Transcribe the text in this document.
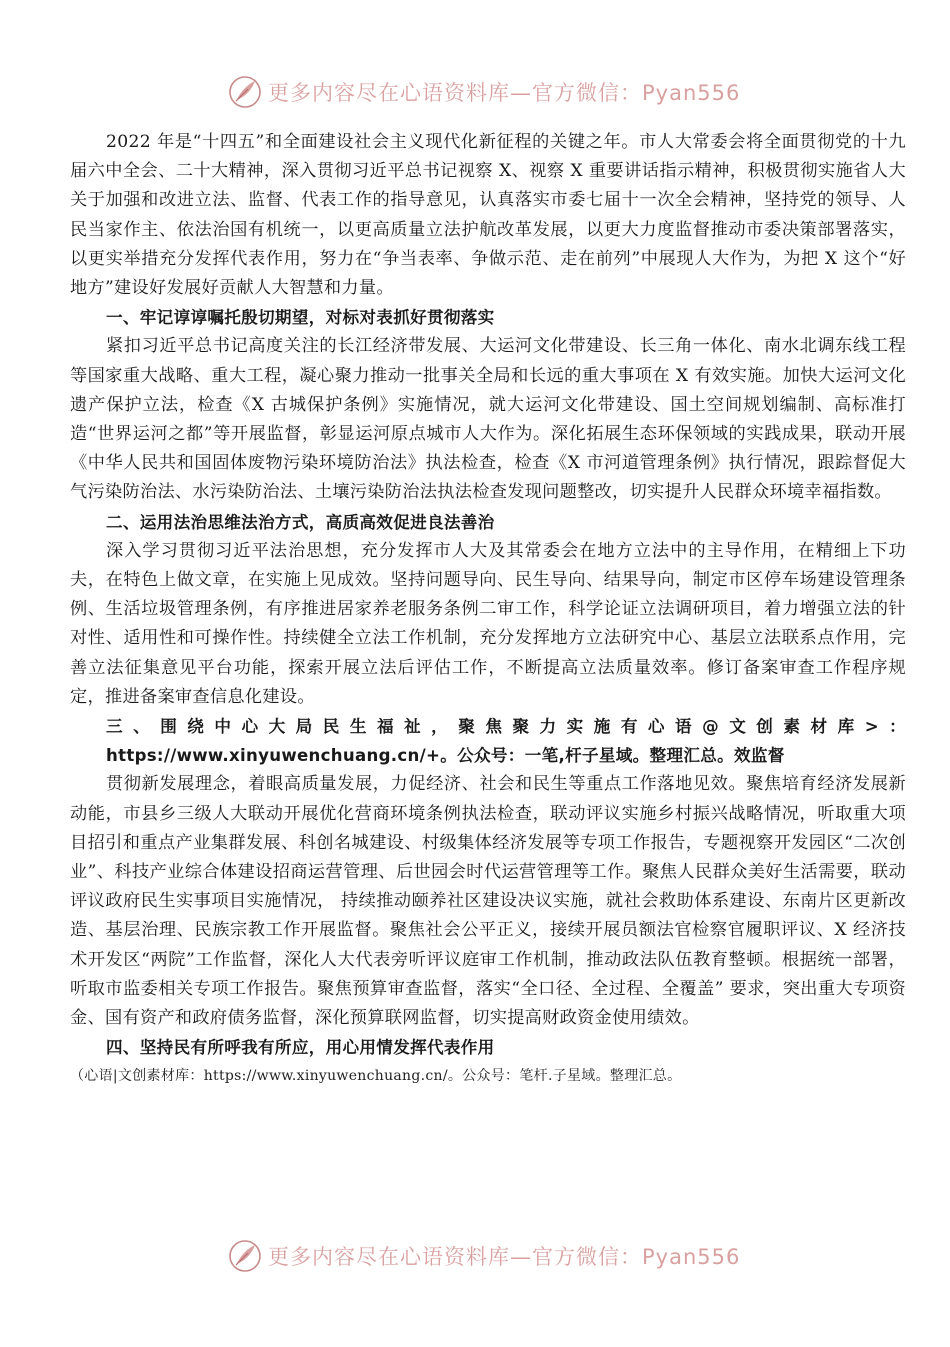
更多内容尽在心语资料库—官方微信：Pyan556

2022 年是“十四五”和全面建设社会主义现代化新征程的关键之年。市人大常委会将全面贯彻党的十九届六中全会、二十大精神，深入贯彻习近平总书记视察 X、视察 X 重要讲话指示精神，积极贯彻实施省人大关于加强和改进立法、监督、代表工作的指导意见，认真落实市委七届十一次全会精神，坚持党的领导、人民当家作主、依法治国有机统一，以更高质量立法护航改革发展，以更大力度监督推动市委决策部署落实，以更实举措充分发挥代表作用，努力在“争当表率、争做示范、走在前列”中展现人大作为，为把 X 这个“好地方”建设好发展好贡献人大智慧和力量。

一、牢记谆谆嘱托殷切期望，对标对表抓好贯彻落实

紧扣习近平总书记高度关注的长江经济带发展、大运河文化带建设、长三角一体化、南水北调东线工程等国家重大战略、重大工程，凝心聚力推动一批事关全局和长远的重大事项在 X 有效实施。加快大运河文化遗产保护立法，检查《X 古城保护条例》实施情况，就大运河文化带建设、国土空间规划编制、高标准打造“世界运河之都”等开展监督，彰显运河原点城市人大作为。深化拓展生态环保领域的实践成果，联动开展《中华人民共和国固体废物污染环境防治法》执法检查，检查《X 市河道管理条例》执行情况，跟踪督促大气污染防治法、水污染防治法、土壤污染防治法执法检查发现问题整改，切实提升人民群众环境幸福指数。

二、运用法治思维法治方式，高质高效促进良法善治

深入学习贯彻习近平法治思想，充分发挥市人大及其常委会在地方立法中的主导作用，在精细上下功夫，在特色上做文章，在实施上见成效。坚持问题导向、民生导向、结果导向，制定市区停车场建设管理条例、生活垃圾管理条例，有序推进居家养老服务条例二审工作，科学论证立法调研项目，着力增强立法的针对性、适用性和可操作性。持续健全立法工作机制，充分发挥地方立法研究中心、基层立法联系点作用，完善立法征集意见平台功能，探索开展立法后评估工作，不断提高立法质量效率。修订备案审查工作程序规定，推进备案审查信息化建设。

三、围绕中心大局民生福祉，聚焦聚力实施有心语@文创素材库>：https://www.xinyuwenchuang.cn/+。公众号：一笔,杆子星域。整理汇总。效监督

贯彻新发展理念，着眼高质量发展，力促经济、社会和民生等重点工作落地见效。聚焦培育经济发展新动能，市县乡三级人大联动开展优化营商环境条例执法检查，联动评议实施乡村振兴战略情况，听取重大项目招引和重点产业集群发展、科创名城建设、村级集体经济发展等专项工作报告，专题视察开发园区“二次创业”、科技产业综合体建设招商运营管理、后世园会时代运营管理等工作。聚焦人民群众美好生活需要，联动评议政府民生实事项目实施情况， 持续推动颐养社区建设决议实施，就社会救助体系建设、东南片区更新改造、基层治理、民族宗教工作开展监督。聚焦社会公平正义，接续开展员额法官检察官履职评议、X 经济技术开发区“两院”工作监督，深化人大代表旁听评议庭审工作机制，推动政法队伍教育整顿。根据统一部署，听取市监委相关专项工作报告。聚焦预算审查监督，落实“全口径、全过程、全覆盖” 要求，突出重大专项资金、国有资产和政府债务监督，深化预算联网监督，切实提高财政资金使用绩效。

四、坚持民有所呼我有所应，用心用情发挥代表作用

（心语|文创素材库：https://www.xinyuwenchuang.cn/。公众号：笔杆.子星域。整理汇总。

更多内容尽在心语资料库—官方微信：Pyan556
